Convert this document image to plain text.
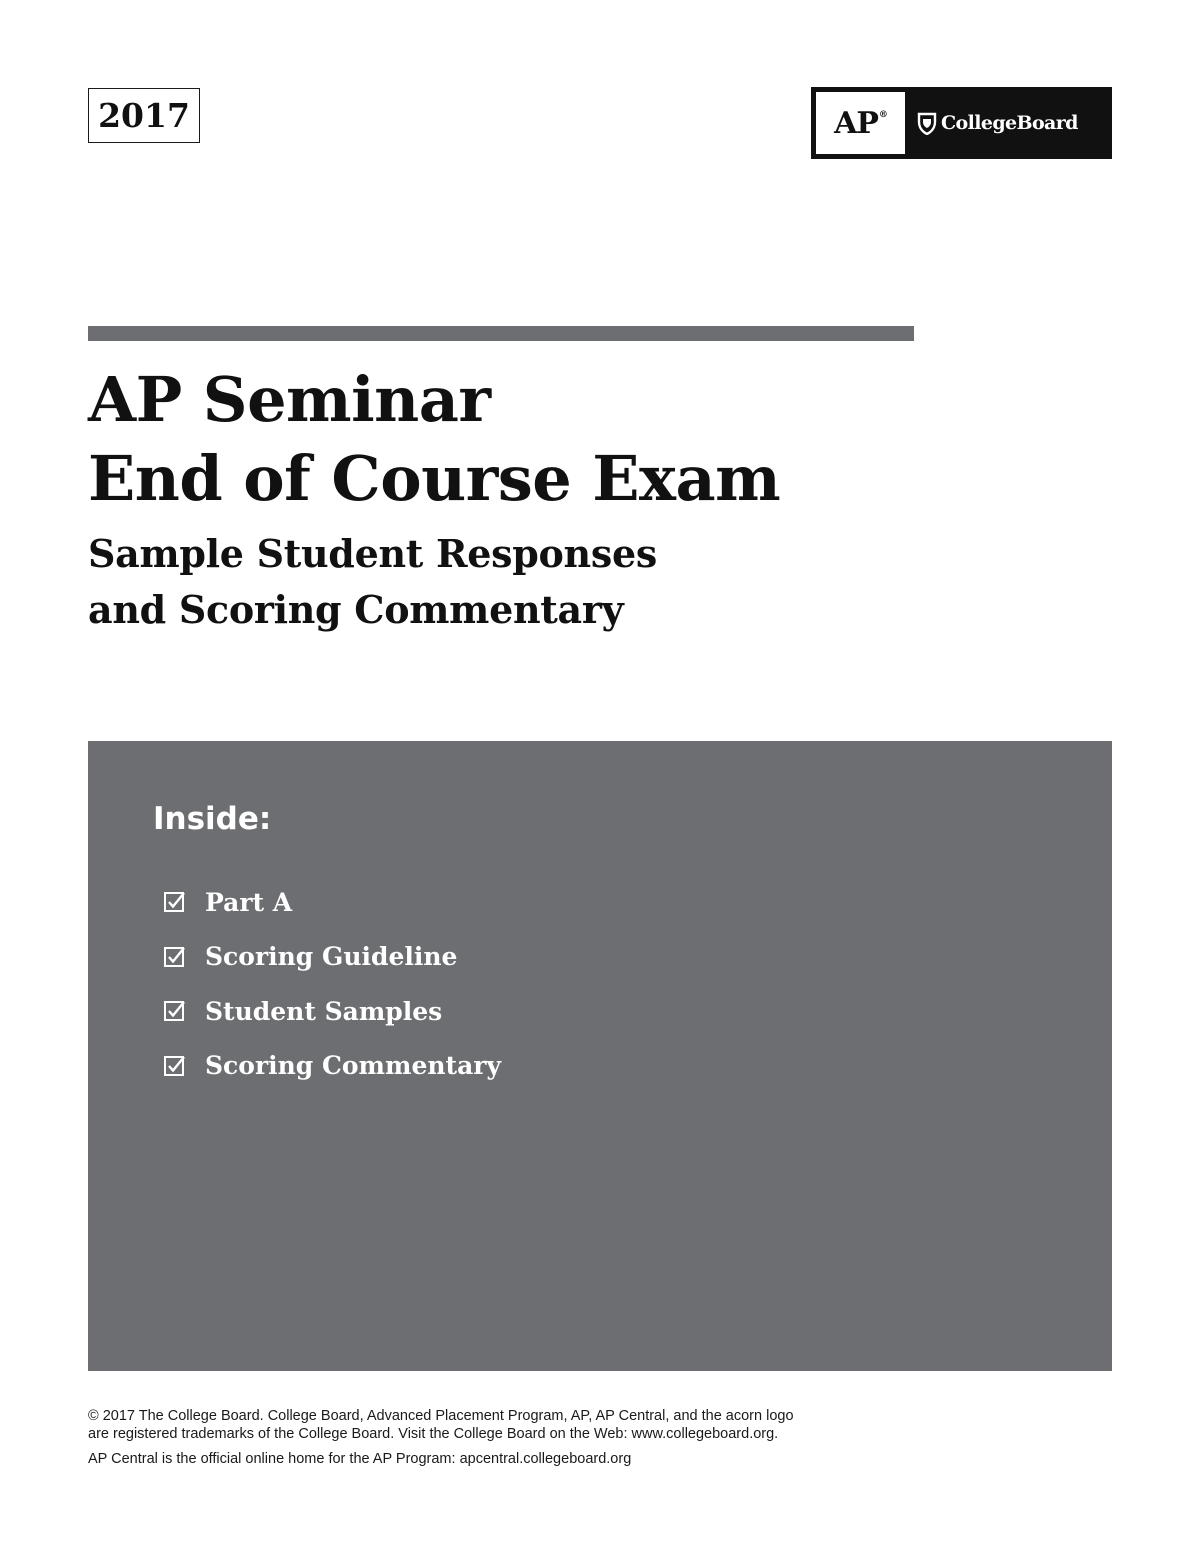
2017	AP®	CollegeBoard
AP Seminar
End of Course Exam
Sample Student Responses
and Scoring Commentary
Inside:
Part A
Scoring Guideline
Student Samples
Scoring Commentary

© 2017 The College Board. College Board, Advanced Placement Program, AP, AP Central, and the acorn logo

are registered trademarks of the College Board. Visit the College Board on the Web: www.collegeboard.org.

AP Central is the official online home for the AP Program: apcentral.collegeboard.org
